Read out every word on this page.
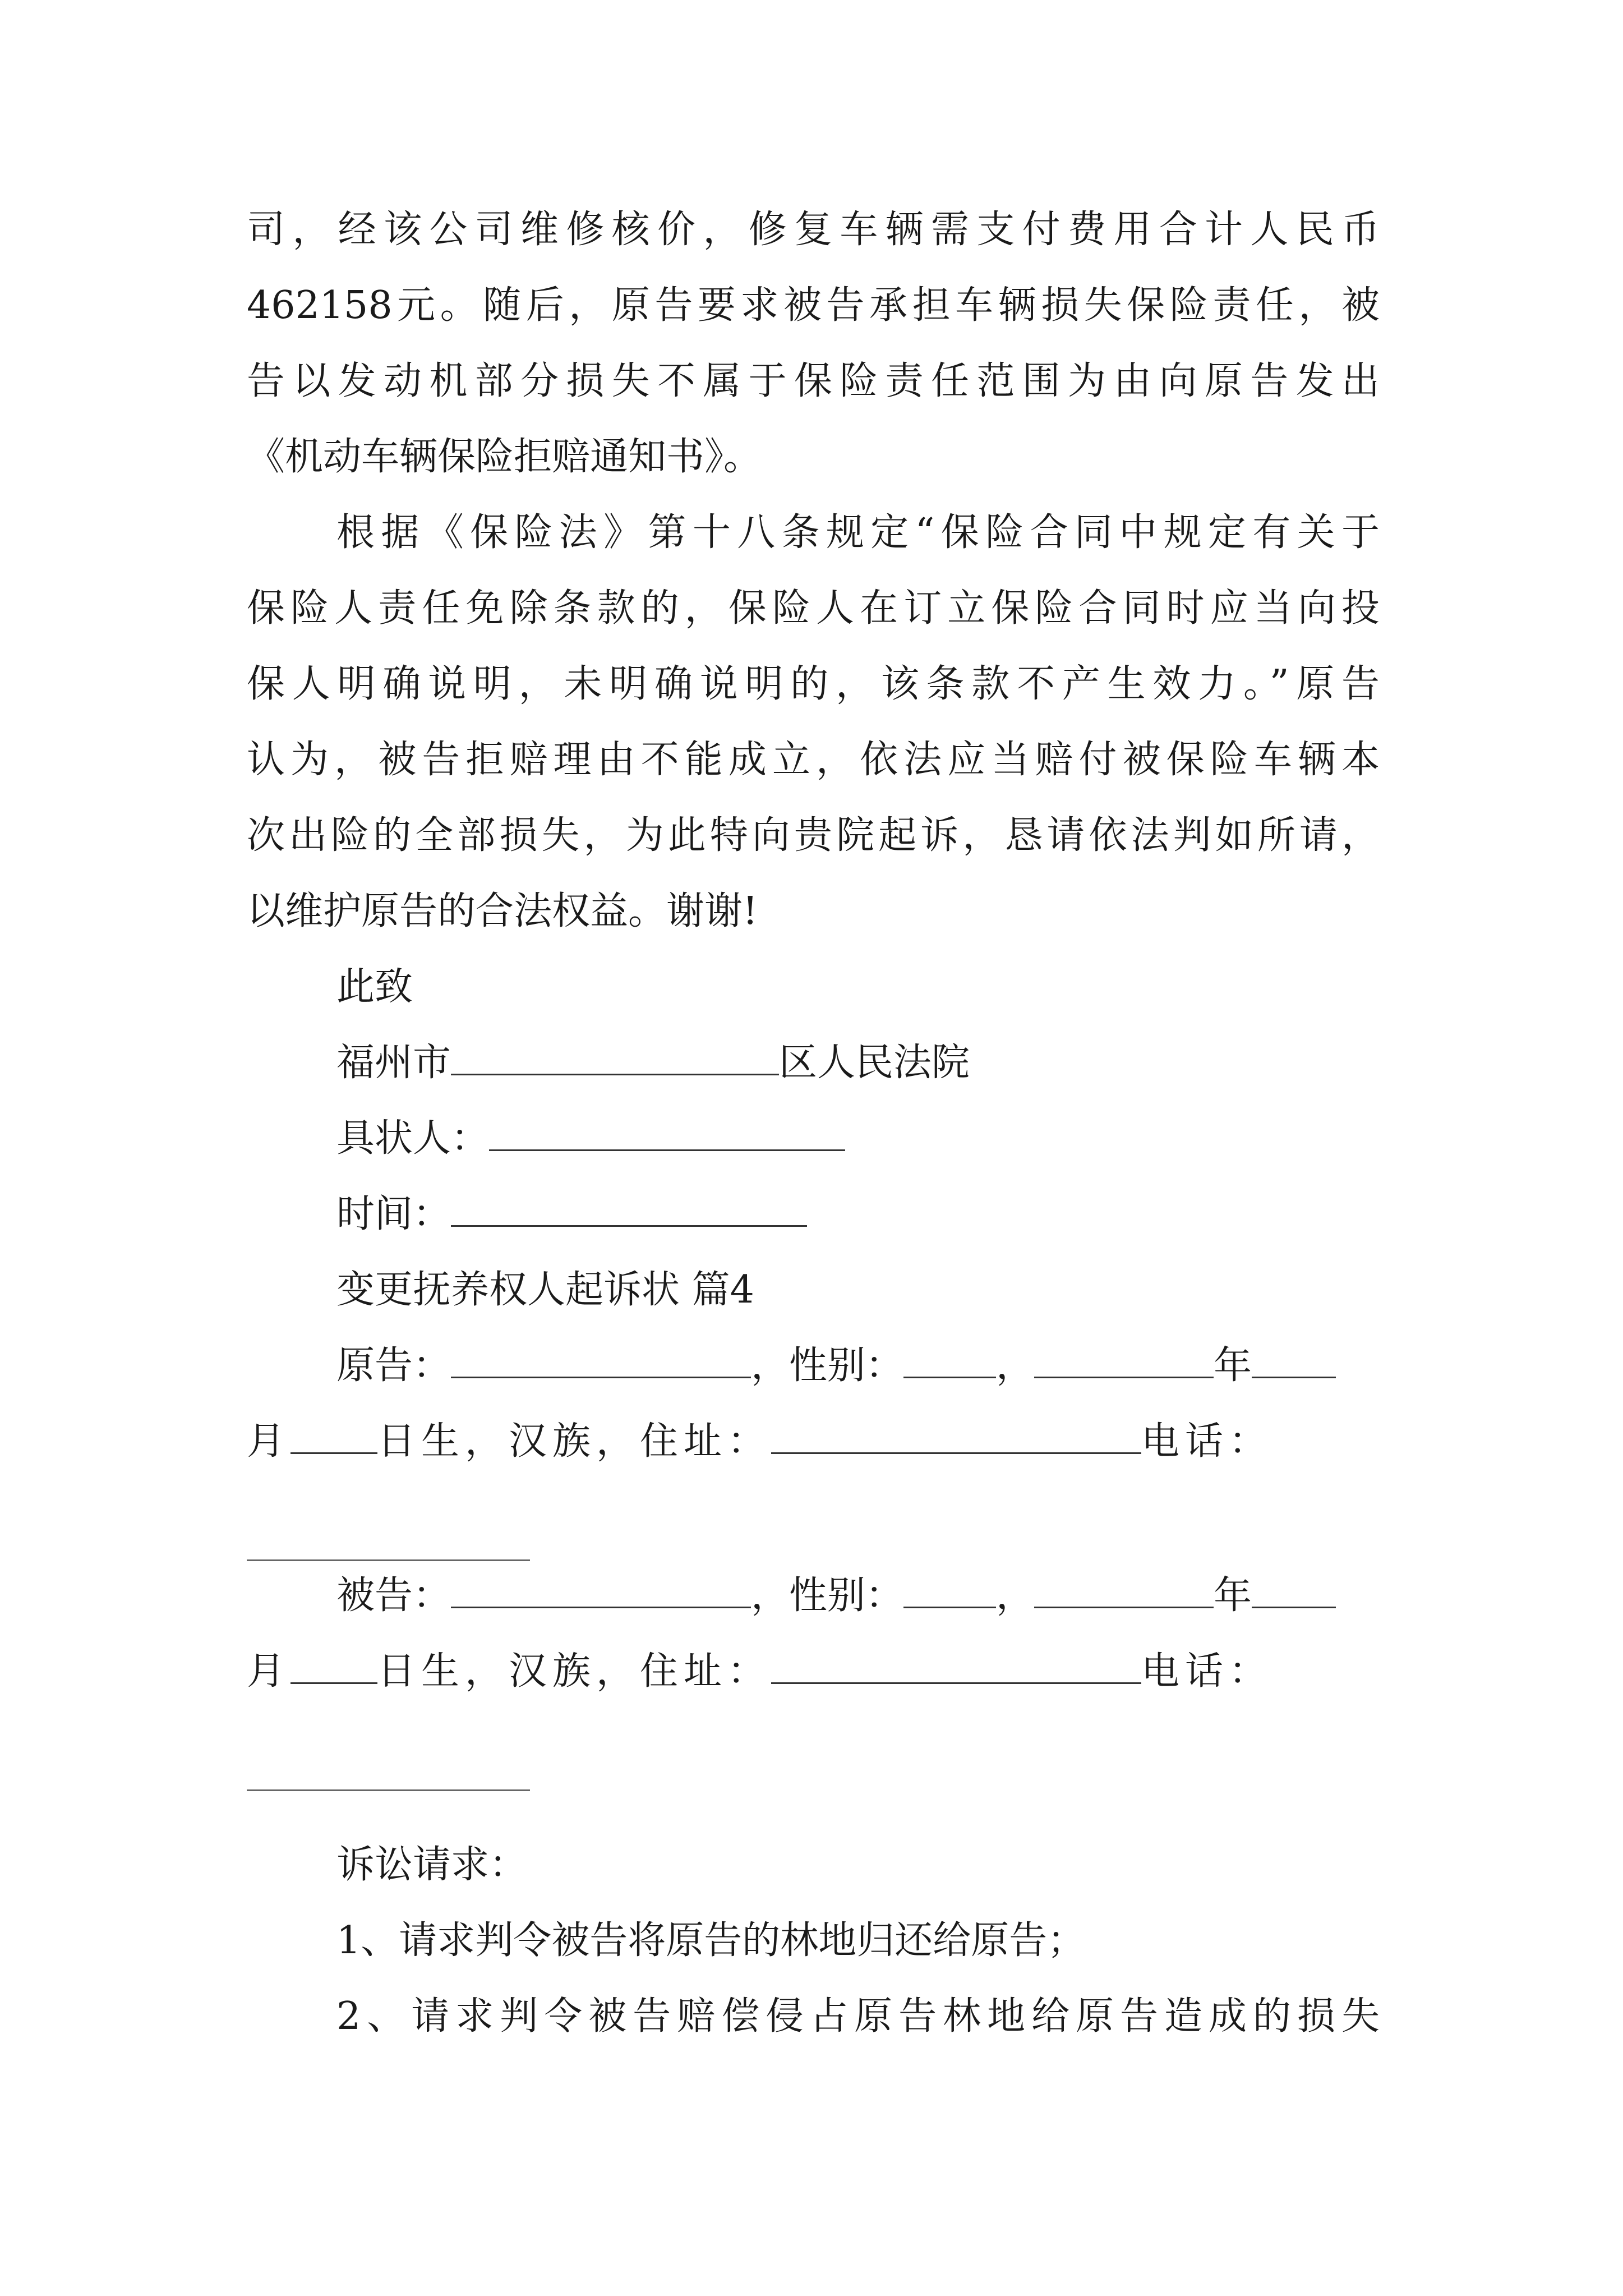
司，经该公司维修核价，修复车辆需支付费用合计人民币
462158元。随后，原告要求被告承担车辆损失保险责任，被
告以发动机部分损失不属于保险责任范围为由向原告发出
《机动车辆保险拒赔通知书》。
根据《保险法》第十八条规定“保险合同中规定有关于
保险人责任免除条款的，保险人在订立保险合同时应当向投
保人明确说明，未明确说明的，该条款不产生效力。”原告
认为，被告拒赔理由不能成立，依法应当赔付被保险车辆本
次出险的全部损失，为此特向贵院起诉，恳请依法判如所请，
以维护原告的合法权益。谢谢!
此致
福州市	区人民法院
具状人：
时间：
变更抚养权人起诉状 篇4
原告：	，性别： ，	年
月 日生，汉族，住址：	电话：
被告：	，性别： ，	年
月 日生，汉族，住址：	电话：
诉讼请求：
1、请求判令被告将原告的林地归还给原告；
2、请求判令被告赔偿侵占原告林地给原告造成的损失
